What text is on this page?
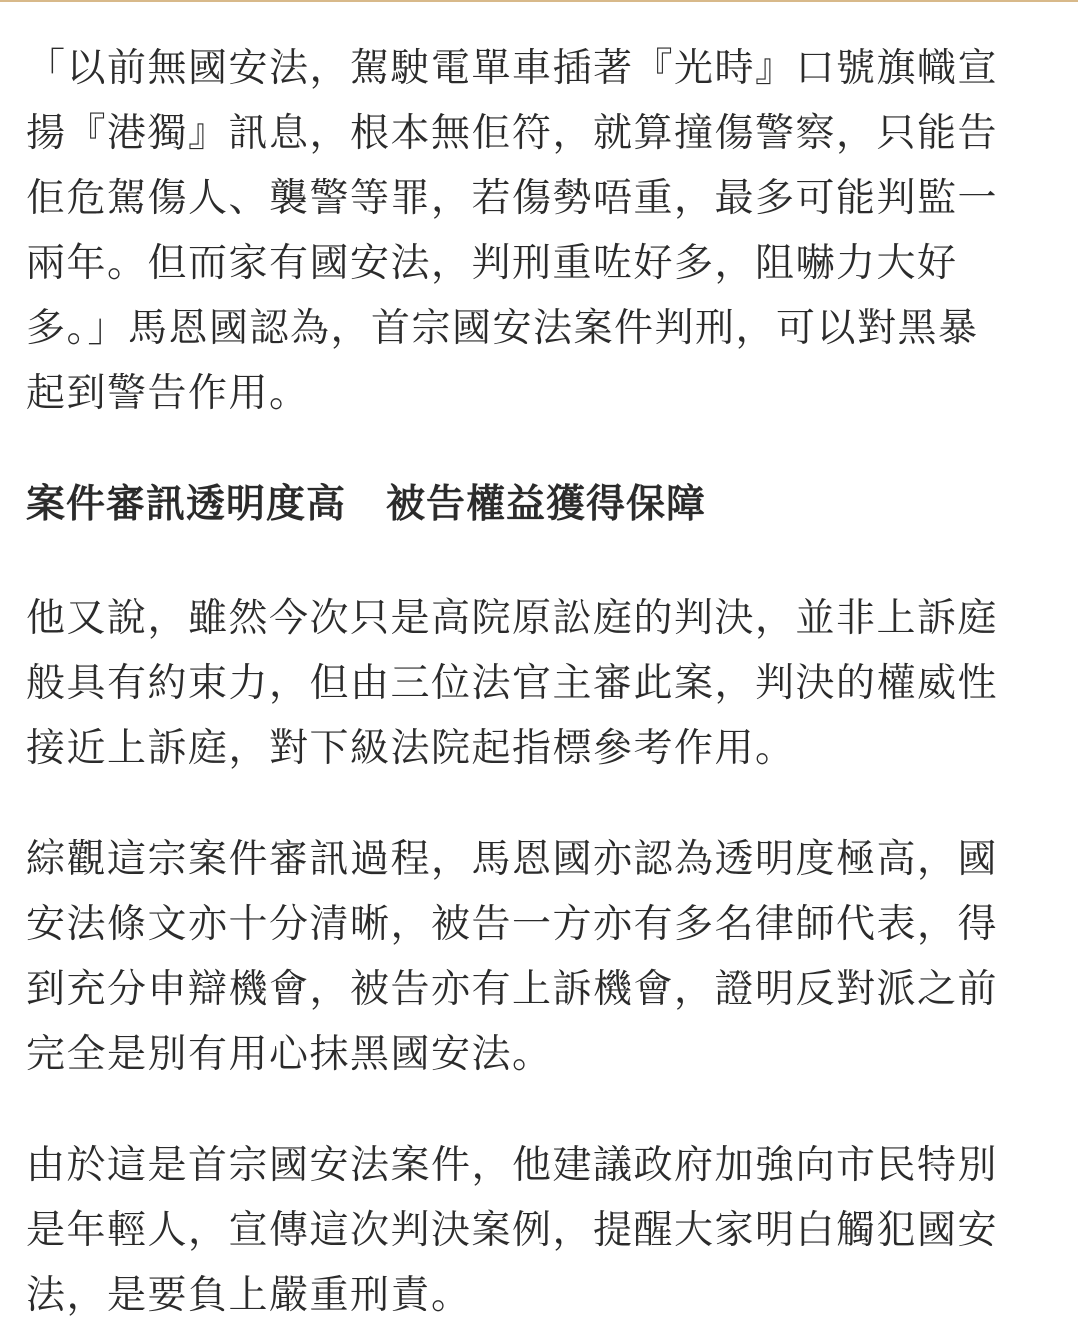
「以前無國安法，駕駛電單車插著『光時』口號旗幟宣
揚『港獨』訊息，根本無佢符，就算撞傷警察，只能告
佢危駕傷人、襲警等罪，若傷勢唔重，最多可能判監一
兩年。但而家有國安法，判刑重咗好多，阻嚇力大好
多。」馬恩國認為，首宗國安法案件判刑，可以對黑暴
起到警告作用。

案件審訊透明度高　被告權益獲得保障

他又說，雖然今次只是高院原訟庭的判決，並非上訴庭
般具有約束力，但由三位法官主審此案，判決的權威性
接近上訴庭，對下級法院起指標參考作用。

綜觀這宗案件審訊過程，馬恩國亦認為透明度極高，國
安法條文亦十分清晰，被告一方亦有多名律師代表，得
到充分申辯機會，被告亦有上訴機會，證明反對派之前
完全是別有用心抹黑國安法。

由於這是首宗國安法案件，他建議政府加強向市民特別
是年輕人，宣傳這次判決案例，提醒大家明白觸犯國安
法，是要負上嚴重刑責。
